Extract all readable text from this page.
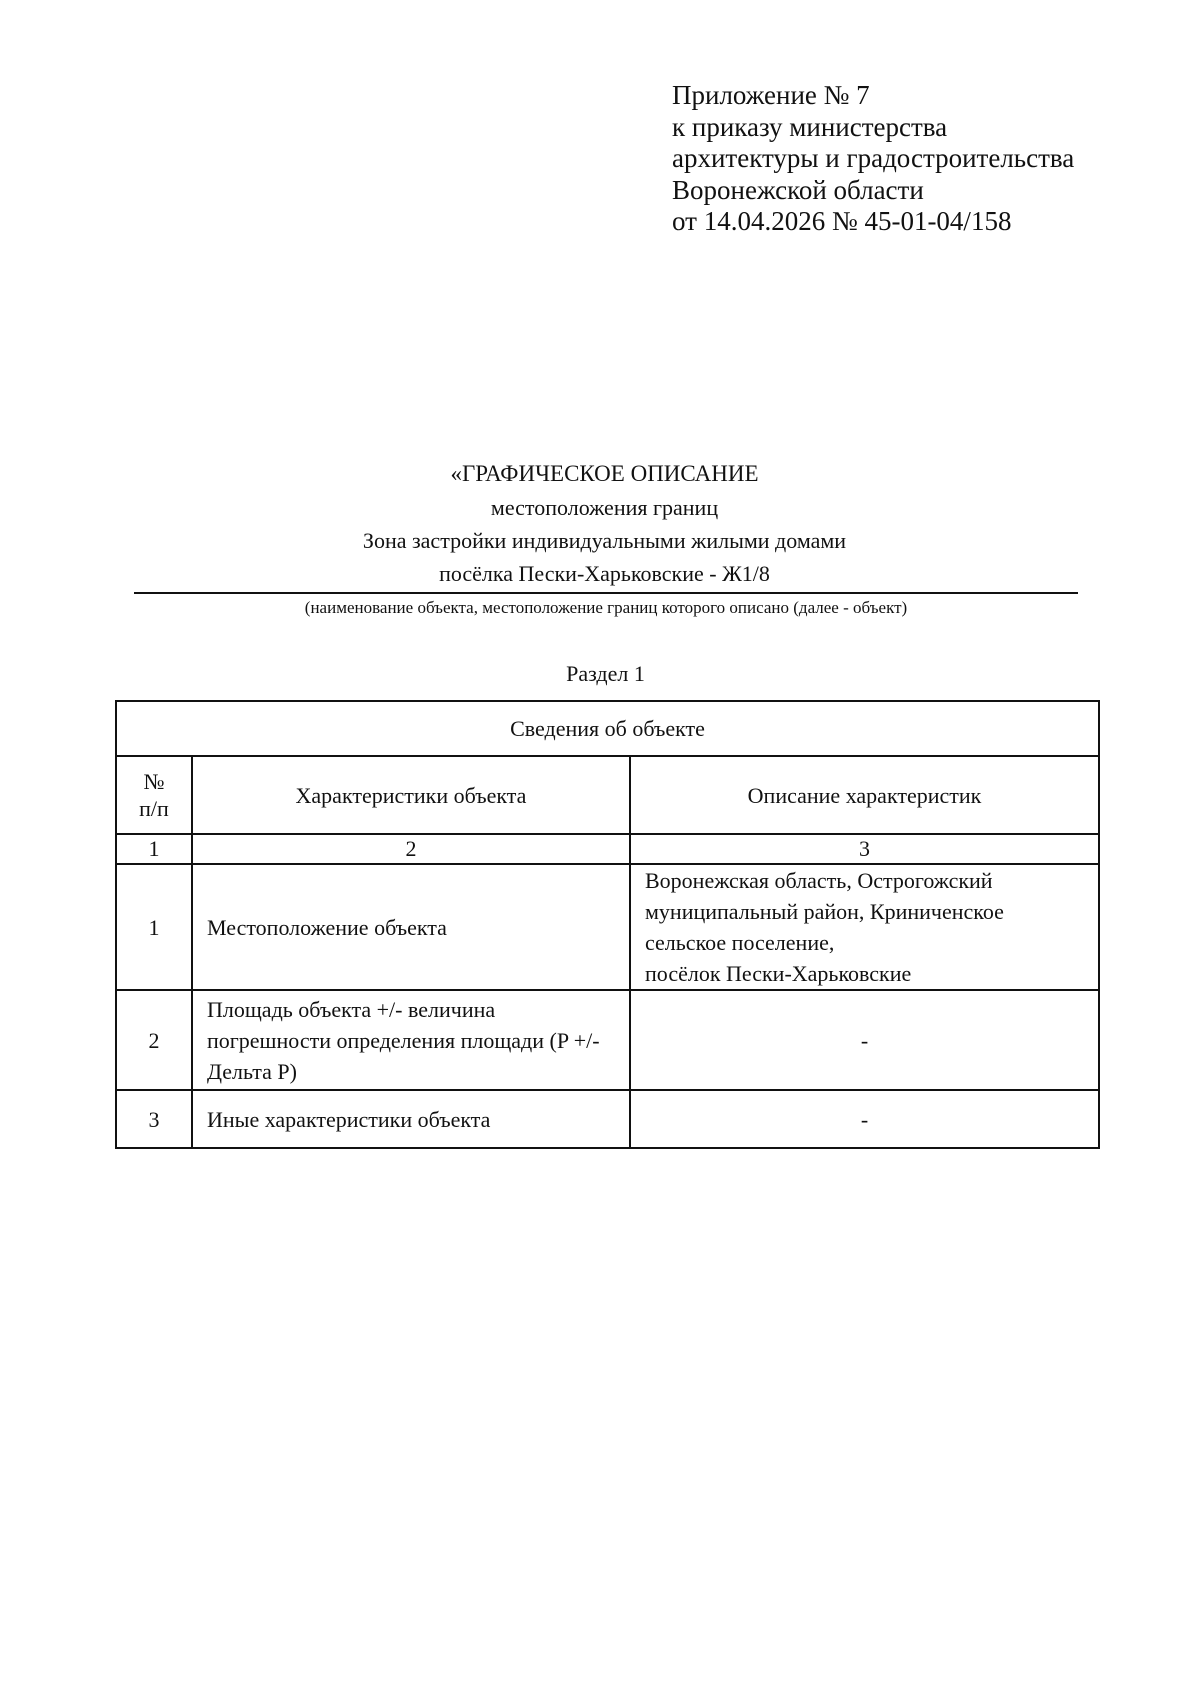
Приложение № 7
к приказу министерства
архитектуры и градостроительства
Воронежской области
от 14.04.2026 № 45-01-04/158
«ГРАФИЧЕСКОЕ ОПИСАНИЕ
местоположения границ
Зона застройки индивидуальными жилыми домами
посёлка Пески-Харьковские - Ж1/8
(наименование объекта, местоположение границ которого описано (далее - объект)
Раздел 1
Сведения об объекте		

№
п/п	Характеристики объекта	Описание характеристик
1	2	3
1	Местоположение объекта	Воронежская область, Острогожский
муниципальный район, Криниченское
сельское поселение,
посёлок Пески-Харьковские

2	Площадь объекта +/- величина погрешности определения площади (P +/- Дельта P)	-
3	Иные характеристики объекта	-
